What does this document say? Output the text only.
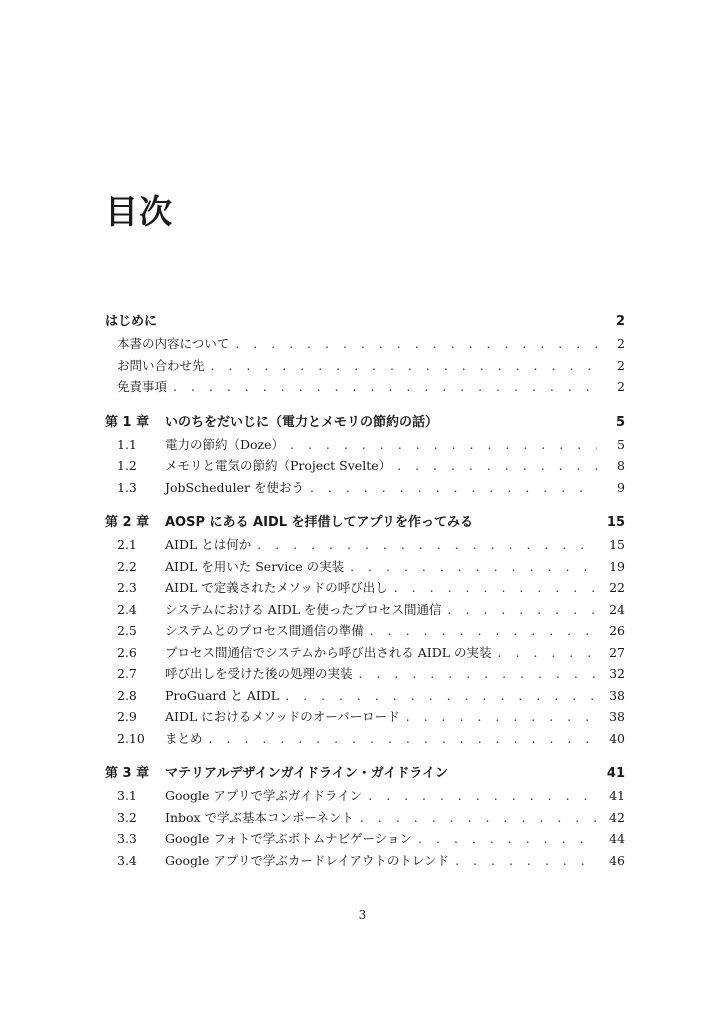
目次
はじめに	2
本書の内容について . . .	2
お問い合わせ先 . . .	2
免責事項 . . .	2
第 1 章	いのちをだいじに（電力とメモリの節約の話）	5
1.1	電力の節約（Doze） . . .	5
1.2	メモリと電気の節約（Project Svelte） . . .	8
1.3	JobScheduler を使おう . . .	9
第 2 章	AOSP にある AIDL を拝借してアプリを作ってみる	15
2.1	AIDL とは何か . . .	15
2.2	AIDL を用いた Service の実装 . . .	19
2.3	AIDL で定義されたメソッドの呼び出し . . .	22
2.4	システムにおける AIDL を使ったプロセス間通信 . . .	24
2.5	システムとのプロセス間通信の準備 . . .	26
2.6	プロセス間通信でシステムから呼び出される AIDL の実装 . . .	27
2.7	呼び出しを受けた後の処理の実装 . . .	32
2.8	ProGuard と AIDL . . .	38
2.9	AIDL におけるメソッドのオーバーロード . . .	38
2.10	まとめ . . .	40
第 3 章	マテリアルデザインガイドライン・ガイドライン	41
3.1	Google アプリで学ぶガイドライン . . .	41
3.2	Inbox で学ぶ基本コンポーネント . . .	42
3.3	Google フォトで学ぶボトムナビゲーション . . .	44
3.4	Google アプリで学ぶカードレイアウトのトレンド . . .	46
3
